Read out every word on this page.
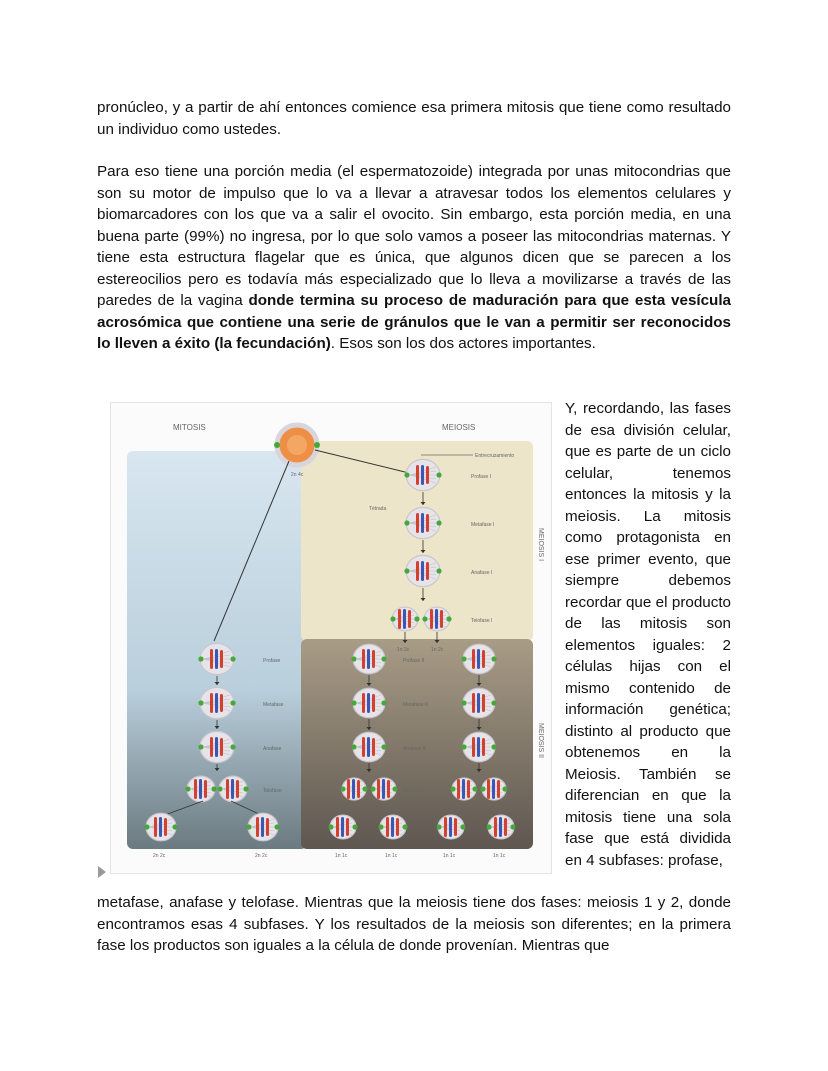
pronúcleo, y a partir de ahí entonces comience esa primera mitosis que tiene como resultado un individuo como ustedes.

Para eso tiene una porción media (el espermatozoide) integrada por unas mitocondrias que son su motor de impulso que lo va a llevar a atravesar todos los elementos celulares y biomarcadores con los que va a salir el ovocito. Sin embargo, esta porción media, en una buena parte (99%) no ingresa, por lo que solo vamos a poseer las mitocondrias maternas. Y tiene esta estructura flagelar que es única, que algunos dicen que se parecen a los estereocilios pero es todavía más especializado que lo lleva a movilizarse a través de las paredes de la vagina donde termina su proceso de maduración para que esta vesícula acrosómica que contiene una serie de gránulos que le van a permitir ser reconocidos lo lleven a éxito (la fecundación). Esos son los dos actores importantes.

MITOSIS	MEIOSIS
MEIOSIS I
MEIOSIS II
2n 4c
Entrecruzamiento
Tétrada
Profase I
Metafase I
Anafase I
Telofase I
1n 2c	1n 2c
Profase II
Metafase II
Anafase II
Telofase II
1n 1c	1n 1c	1n 1c	1n 1c
Profase
Metafase
Anafase
Telofase
2n 2c	2n 2c

Y, recordando, las fases de esa división celular, que es parte de un ciclo celular, tenemos entonces la mitosis y la meiosis. La mitosis como protagonista en ese primer evento, que siempre debemos recordar que el producto de las mitosis son elementos iguales: 2 células hijas con el mismo contenido de información genética; distinto al producto que obtenemos en la Meiosis. También se diferencian en que la mitosis tiene una sola fase que está dividida en 4 subfases: profase,

metafase, anafase y telofase. Mientras que la meiosis tiene dos fases: meiosis 1 y 2, donde encontramos esas 4 subfases. Y los resultados de la meiosis son diferentes; en la primera fase los productos son iguales a la célula de donde provenían. Mientras que
